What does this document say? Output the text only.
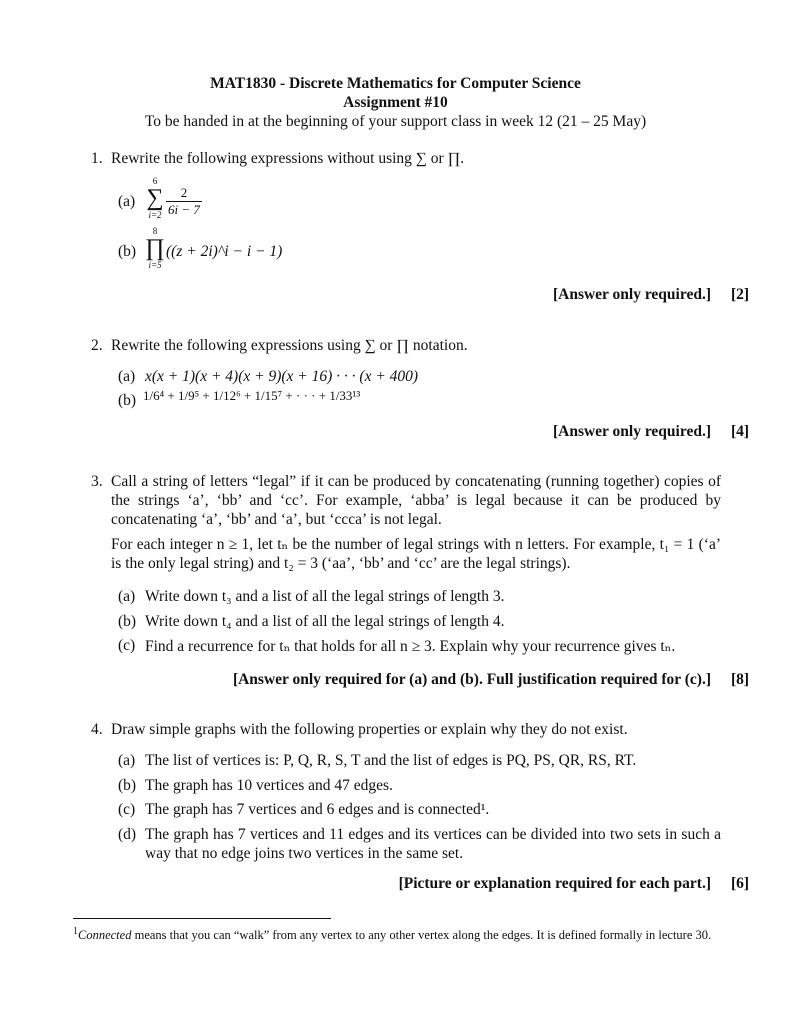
MAT1830 - Discrete Mathematics for Computer Science
Assignment #10
To be handed in at the beginning of your support class in week 12 (21 – 25 May)
1. Rewrite the following expressions without using ∑ or ∏.
(a)
6
∑
$i=2 \frac{2}{6i - 7}$
(b)
8
∏
i=5
((z + 2i)^i − i − 1)
[Answer only required.] [2]
2. Rewrite the following expressions using ∑ or ∏ notation.
(a) x(x + 1)(x + 4)(x + 9)(x + 16) · · · (x + 400)
(b) 1/6⁴ + 1/9⁵ + 1/12⁶ + 1/15⁷ + · · · + 1/33¹³
[Answer only required.] [4]
3. Call a string of letters “legal” if it can be produced by concatenating (running together) copies of the strings ‘a’, ‘bb’ and ‘cc’. For example, ‘abba’ is legal because it can be produced by concatenating ‘a’, ‘bb’ and ‘a’, but ‘ccca’ is not legal.
For each integer n ≥ 1, let tₙ be the number of legal strings with n letters. For example, t₁ = 1 (‘a’ is the only legal string) and t₂ = 3 (‘aa’, ‘bb’ and ‘cc’ are the legal strings).
(a) Write down t₃ and a list of all the legal strings of length 3.
(b) Write down t₄ and a list of all the legal strings of length 4.
(c) Find a recurrence for tₙ that holds for all n ≥ 3. Explain why your recurrence gives tₙ.
[Answer only required for (a) and (b). Full justification required for (c).] [8]
4. Draw simple graphs with the following properties or explain why they do not exist.
(a) The list of vertices is: P, Q, R, S, T and the list of edges is PQ, PS, QR, RS, RT.
(b) The graph has 10 vertices and 47 edges.
(c) The graph has 7 vertices and 6 edges and is connected¹.
(d) The graph has 7 vertices and 11 edges and its vertices can be divided into two sets in such a way that no edge joins two vertices in the same set.
[Picture or explanation required for each part.] [6]
$^1$Connected means that you can “walk” from any vertex to any other vertex along the edges. It is defined formally in lecture 30.
